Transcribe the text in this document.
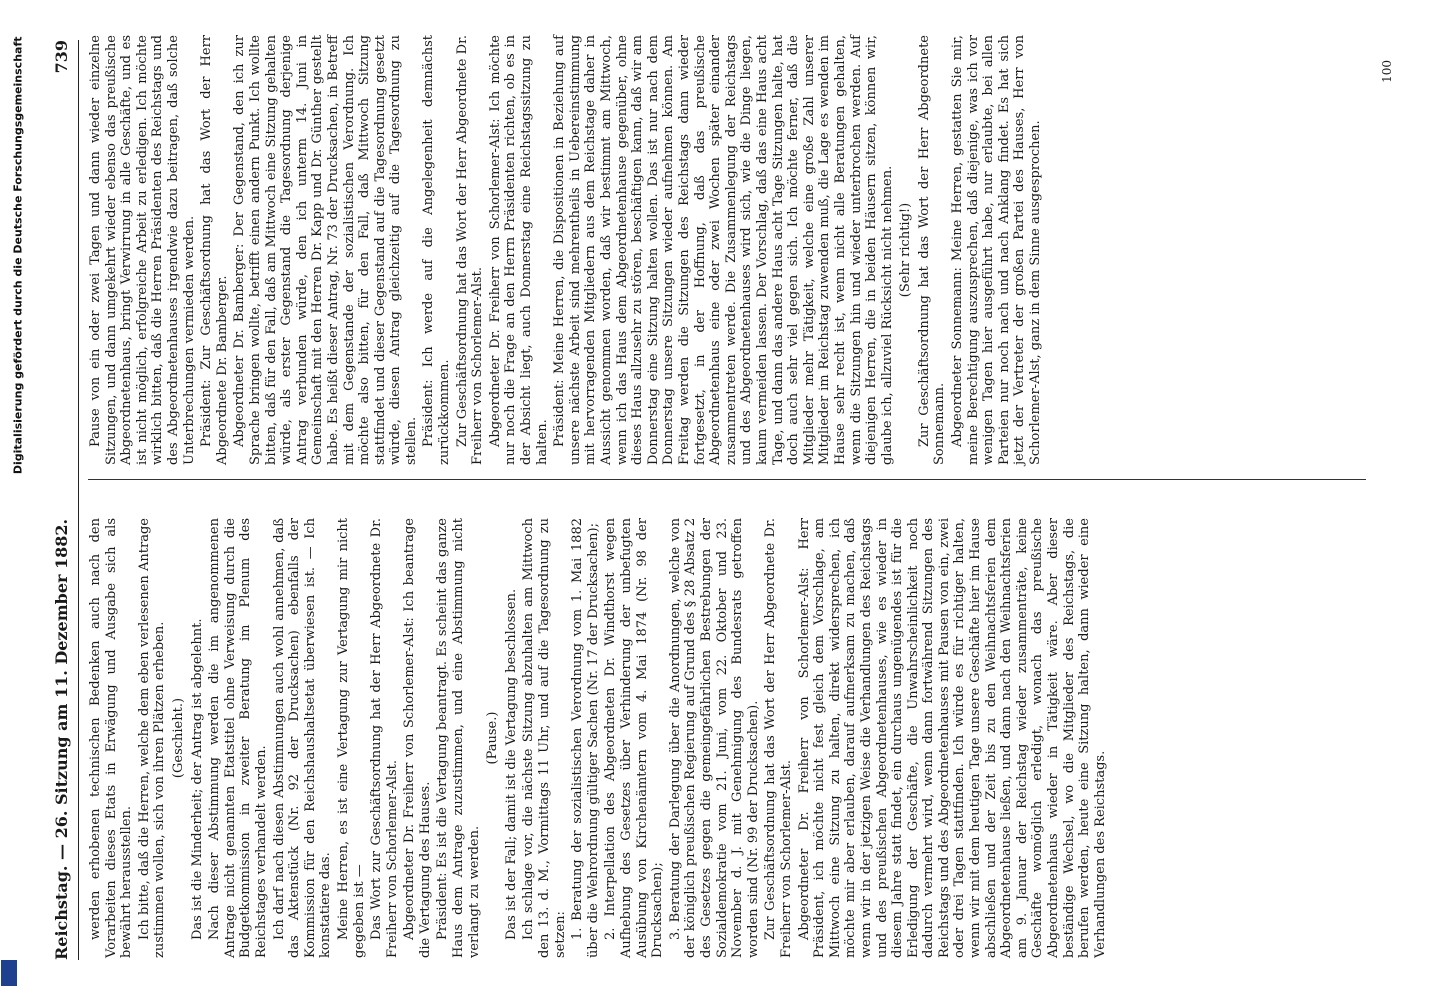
Reichstag. — 26. Sitzung am 11. Dezember 1882.
739

werden erhobenen technischen Bedenken auch nach den Vorarbeiten dieses Etats in Erwägung und Ausgabe sich als bewährt herausstellen. Ich bitte, daß die Herren, welche dem eben verlesenen Antrage zustimmen wollen, sich von ihren Plätzen erheben. (Geschieht.) Das ist die Minderheit; der Antrag ist abgelehnt. Nach dieser Abstimmung werden die im angenommenen Antrage nicht genannten Etatstitel ohne Verweisung durch die Budgetkommission in zweiter Beratung im Plenum des Reichstages verhandelt werden. Ich darf nach diesen Abstimmungen auch wohl annehmen, daß das Aktenstück (Nr. 92 der Drucksachen) ebenfalls der Kommission für den Reichshaushaltsetat überwiesen ist. — Ich konstatiere das. Meine Herren, es ist eine Vertagung zur Vertagung mir nicht gegeben ist — Das Wort zur Geschäftsordnung hat der Herr Abgeordnete Dr. Freiherr von Schorlemer-Alst. Abgeordneter Dr. Freiherr von Schorlemer-Alst: Ich beantrage die Vertagung des Hauses. Präsident: Es ist die Vertagung beantragt. Es scheint das ganze Haus dem Antrage zuzustimmen, und eine Abstimmung nicht verlangt zu werden.

(Pause.) Das ist der Fall; damit ist die Vertagung beschlossen. Ich schlage vor, die nächste Sitzung abzuhalten am Mittwoch den 13. d. M., Vormittags 11 Uhr, und auf die Tagesordnung zu setzen: 1. Beratung der sozialistischen Verordnung vom 1. Mai 1882 über die Wehrordnung gültiger Sachen (Nr. 17 der Drucksachen); 2. Interpellation des Abgeordneten Dr. Windthorst wegen Aufhebung des Gesetzes über Verhinderung der unbefugten Ausübung von Kirchenämtern vom 4. Mai 1874 (Nr. 98 der Drucksachen); 3. Beratung der Darlegung über die Anordnungen, welche von der königlich preußischen Regierung auf Grund des § 28 Absatz 2 des Gesetzes gegen die gemeingefährlichen Bestrebungen der Sozialdemokratie vom 21. Juni, vom 22. Oktober und 23. November d. J. mit Genehmigung des Bundesrats getroffen worden sind (Nr. 99 der Drucksachen). Zur Geschäftsordnung hat das Wort der Herr Abgeordnete Dr. Freiherr von Schorlemer-Alst. Abgeordneter Dr. Freiherr von Schorlemer-Alst: Herr Präsident, ich möchte nicht fest gleich dem Vorschlage, am Mittwoch eine Sitzung zu halten, direkt widersprechen, ich möchte mir aber erlauben, darauf aufmerksam zu machen, daß wenn wir in der jetzigen Weise die Verhandlungen des Reichstags und des preußischen Abgeordnetenhauses, wie es wieder in diesem Jahre statt findet, ein durchaus ungenügendes ist für die Erledigung der Geschäfte, die Unwahrscheinlichkeit noch dadurch vermehrt wird, wenn dann fortwährend Sitzungen des Reichstags und des Abgeordnetenhauses mit Pausen von ein, zwei oder drei Tagen stattfinden. Ich würde es für richtiger halten, wenn wir mit dem heutigen Tage unsere Geschäfte hier im Hause abschließen und der Zeit bis zu den Weihnachtsferien dem Abgeordnetenhause ließen, und dann nach den Weihnachtsferien am 9. Januar der Reichstag wieder zusammenträte, keine Geschäfte womöglich erledigt, wonach das preußische Abgeordnetenhaus wieder in Tätigkeit wäre. Aber dieser beständige Wechsel, wo die Mitglieder des Reichstags, die berufen werden, heute eine Sitzung halten, dann wieder eine Verhandlungen des Reichstags.

Pause von ein oder zwei Tagen und dann wieder einzelne Sitzungen, und dann umgekehrt wieder ebenso das preußische Abgeordnetenhaus, bringt Verwirrung in alle Geschäfte, und es ist nicht möglich, erfolgreiche Arbeit zu erledigen. Ich möchte wirklich bitten, daß die Herren Präsidenten des Reichstags und des Abgeordnetenhauses irgendwie dazu beitragen, daß solche Unterbrechungen vermieden werden. Präsident: Zur Geschäftsordnung hat das Wort der Herr Abgeordnete Dr. Bamberger. Abgeordneter Dr. Bamberger: Der Gegenstand, den ich zur Sprache bringen wollte, betrifft einen andern Punkt. Ich wollte bitten, daß für den Fall, daß am Mittwoch eine Sitzung gehalten würde, als erster Gegenstand die Tagesordnung derjenige Antrag verbunden würde, den ich unterm 14. Juni in Gemeinschaft mit den Herren Dr. Kapp und Dr. Günther gestellt habe. Es heißt dieser Antrag, Nr. 73 der Drucksachen, in Betreff mit dem Gegenstande der sozialistischen Verordnung. Ich möchte also bitten, für den Fall, daß Mittwoch Sitzung stattfindet und dieser Gegenstand auf die Tagesordnung gesetzt würde, diesen Antrag gleichzeitig auf die Tagesordnung zu stellen. Präsident: Ich werde auf die Angelegenheit demnächst zurückkommen. Zur Geschäftsordnung hat das Wort der Herr Abgeordnete Dr. Freiherr von Schorlemer-Alst. Abgeordneter Dr. Freiherr von Schorlemer-Alst: Ich möchte nur noch die Frage an den Herrn Präsidenten richten, ob es in der Absicht liegt, auch Donnerstag eine Reichstagssitzung zu halten. Präsident: Meine Herren, die Dispositionen in Beziehung auf unsere nächste Arbeit sind mehrentheils in Uebereinstimmung mit hervorragenden Mitgliedern aus dem Reichstage daher in Aussicht genommen worden, daß wir bestimmt am Mittwoch, wenn ich das Haus dem Abgeordnetenhause gegenüber, ohne dieses Haus allzusehr zu stören, beschäftigen kann, daß wir am Donnerstag eine Sitzung halten wollen. Das ist nur nach dem Donnerstag unsere Sitzungen wieder aufnehmen können. Am Freitag werden die Sitzungen des Reichstags dann wieder fortgesetzt, in der Hoffnung, daß das preußische Abgeordnetenhaus eine oder zwei Wochen später einander zusammentreten werde. Die Zusammenlegung der Reichstags und des Abgeordnetenhauses wird sich, wie die Dinge liegen, kaum vermeiden lassen. Der Vorschlag, daß das eine Haus acht Tage, und dann das andere Haus acht Tage Sitzungen halte, hat doch auch sehr viel gegen sich. Ich möchte ferner, daß die Mitglieder mehr Tätigkeit, welche eine große Zahl unserer Mitglieder im Reichstag zuwenden muß, die Lage es wenden im Hause sehr recht ist, wenn nicht alle Beratungen gehalten, wenn die Sitzungen hin und wieder unterbrochen werden. Auf diejenigen Herren, die in beiden Häusern sitzen, können wir, glaube ich, allzuviel Rücksicht nicht nehmen. (Sehr richtig!) Zur Geschäftsordnung hat das Wort der Herr Abgeordnete Sonnemann. Abgeordneter Sonnemann: Meine Herren, gestatten Sie mir, meine Berechtigung auszusprechen, daß diejenige, was ich vor wenigen Tagen hier ausgeführt habe, nur erlaubte, bei allen Parteien nur noch nach und nach Anklang findet. Es hat sich jetzt der Vertreter der großen Partei des Hauses, Herr von Schorlemer-Alst, ganz in dem Sinne ausgesprochen.

100
Digitalisierung gefördert durch die Deutsche Forschungsgemeinschaft
